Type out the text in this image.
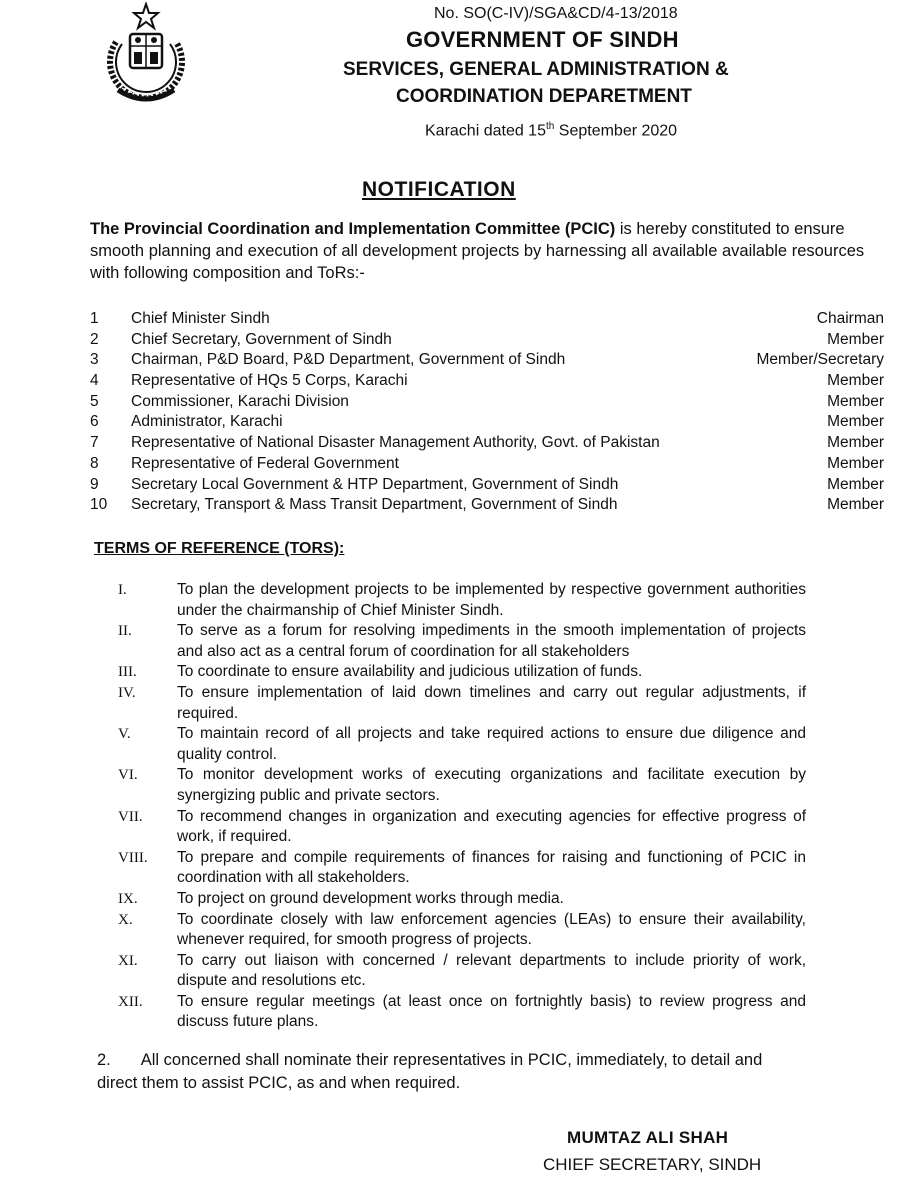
No. SO(C-IV)/SGA&CD/4-13/2018
GOVERNMENT OF SINDH
SERVICES, GENERAL ADMINISTRATION &
COORDINATION DEPARETMENT
Karachi dated 15th September 2020
NOTIFICATION
The Provincial Coordination and Implementation Committee (PCIC) is hereby constituted to ensure smooth planning and execution of all development projects by harnessing all available available resources with following composition and ToRs:-
1 Chief Minister Sindh	Chairman
2 Chief Secretary, Government of Sindh	Member
3 Chairman, P&D Board, P&D Department, Government of Sindh	Member/Secretary
4 Representative of HQs 5 Corps, Karachi	Member
5 Commissioner, Karachi Division	Member
6 Administrator, Karachi	Member
7 Representative of National Disaster Management Authority, Govt. of Pakistan	Member
8 Representative of Federal Government	Member
9 Secretary Local Government & HTP Department, Government of Sindh	Member
10 Secretary, Transport & Mass Transit Department, Government of Sindh	Member
TERMS OF REFERENCE (TORS):
I.	To plan the development projects to be implemented by respective government authorities under the chairmanship of Chief Minister Sindh.
II.	To serve as a forum for resolving impediments in the smooth implementation of projects and also act as a central forum of coordination for all stakeholders
III.	To coordinate to ensure availability and judicious utilization of funds.
IV.	To ensure implementation of laid down timelines and carry out regular adjustments, if required.
V.	To maintain record of all projects and take required actions to ensure due diligence and quality control.
VI.	To monitor development works of executing organizations and facilitate execution by synergizing public and private sectors.
VII. To recommend changes in organization and executing agencies for effective progress of work, if required.
VIII. To prepare and compile requirements of finances for raising and functioning of PCIC in coordination with all stakeholders.
IX.	To project on ground development works through media.
X.	To coordinate closely with law enforcement agencies (LEAs) to ensure their availability, whenever required, for smooth progress of projects.
XI.	To carry out liaison with concerned / relevant departments to include priority of work, dispute and resolutions etc.
XII. To ensure regular meetings (at least once on fortnightly basis) to review progress and discuss future plans.
2. All concerned shall nominate their representatives in PCIC, immediately, to detail and direct them to assist PCIC, as and when required.
MUMTAZ ALI SHAH
CHIEF SECRETARY, SINDH
